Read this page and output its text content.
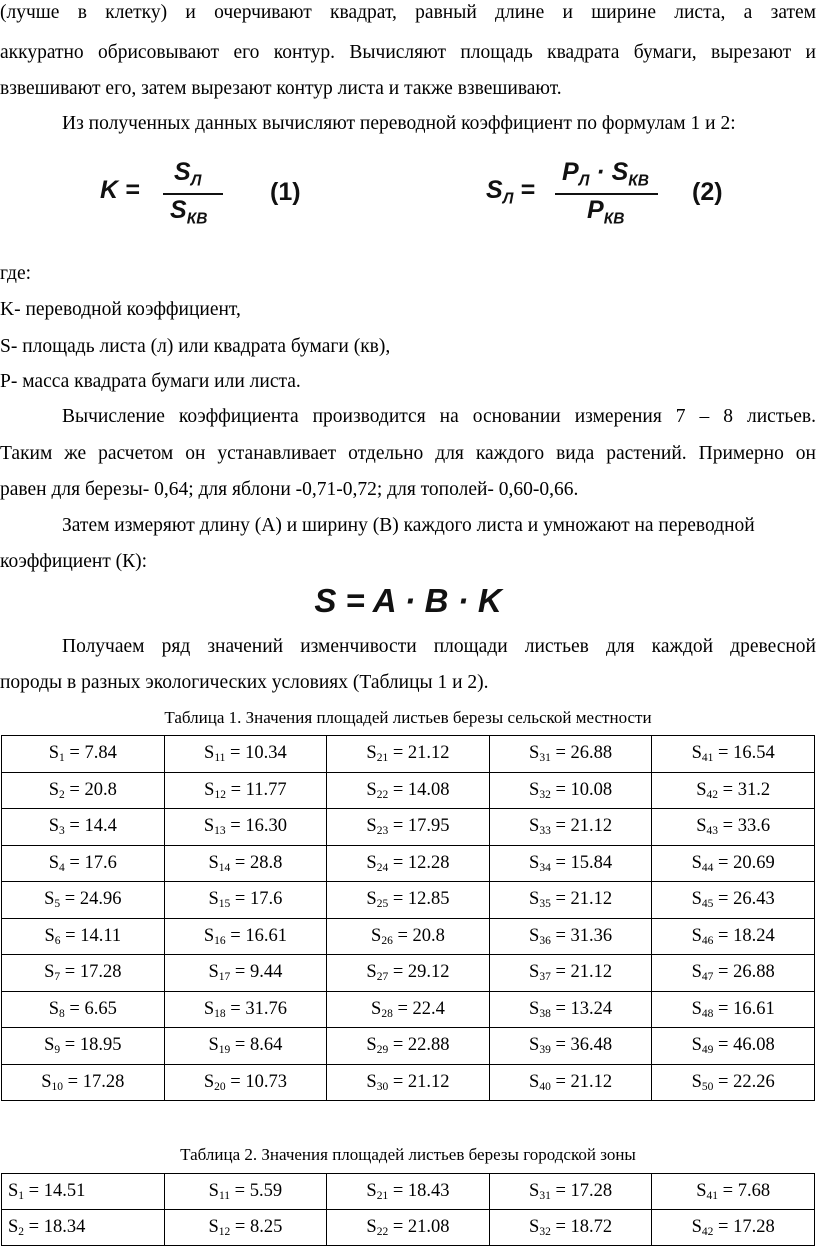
(лучше в клетку) и очерчивают квадрат, равный длине и ширине листа, а затем
аккуратно обрисовывают его контур. Вычисляют площадь квадрата бумаги, вырезают и
взвешивают его, затем вырезают контур листа и также взвешивают.
Из полученных данных вычисляют переводной коэффициент по формулам 1 и 2:
K =
$S_Л$
$S_{КВ}$
(1)	$S_Л$ =
$P_Л \cdot S_{КВ}$
$P_{КВ}$
(2)
где:
K- переводной коэффициент,
S- площадь листа (л) или квадрата бумаги (кв),
P- масса квадрата бумаги или листа.
Вычисление коэффициента производится на основании измерения 7 – 8 листьев.
Таким же расчетом он устанавливает отдельно для каждого вида растений. Примерно он
равен для березы- 0,64; для яблони -0,71-0,72; для тополей- 0,60-0,66.
Затем измеряют длину (А) и ширину (В) каждого листа и умножают на переводной
коэффициент (К):
S = A · B · K
Получаем ряд значений изменчивости площади листьев для каждой древесной
породы в разных экологических условиях (Таблицы 1 и 2).
Таблица 1. Значения площадей листьев березы сельской местности
$S_1 = 7.84$	$S_{11} = 10.34$	$S_{21} = 21.12$	$S_{31} = 26.88$	$S_{41} = 16.54$
$S_2 = 20.8$	$S_{12} = 11.77$	$S_{22} = 14.08$	$S_{32} = 10.08$	$S_{42} = 31.2$
$S_3 = 14.4$	$S_{13} = 16.30$	$S_{23} = 17.95$	$S_{33} = 21.12$	$S_{43} = 33.6$
$S_4 = 17.6$	$S_{14} = 28.8$	$S_{24} = 12.28$	$S_{34} = 15.84$	$S_{44} = 20.69$
$S_5 = 24.96$	$S_{15} = 17.6$	$S_{25} = 12.85$	$S_{35} = 21.12$	$S_{45} = 26.43$
$S_6 = 14.11$	$S_{16} = 16.61$	$S_{26} = 20.8$	$S_{36} = 31.36$	$S_{46} = 18.24$
$S_7 = 17.28$	$S_{17} = 9.44$	$S_{27} = 29.12$	$S_{37} = 21.12$	$S_{47} = 26.88$
$S_8 = 6.65$	$S_{18} = 31.76$	$S_{28} = 22.4$	$S_{38} = 13.24$	$S_{48} = 16.61$
$S_9 = 18.95$	$S_{19} = 8.64$	$S_{29} = 22.88$	$S_{39} = 36.48$	$S_{49} = 46.08$
$S_{10} = 17.28$	$S_{20} = 10.73$	$S_{30} = 21.12$	$S_{40} = 21.12$	$S_{50} = 22.26$
Таблица 2. Значения площадей листьев березы городской зоны
$S_1 = 14.51$	$S_{11} = 5.59$	$S_{21} = 18.43$	$S_{31} = 17.28$	$S_{41} = 7.68$
$S_2 = 18.34$	$S_{12} = 8.25$	$S_{22} = 21.08$	$S_{32} = 18.72$	$S_{42} = 17.28$
